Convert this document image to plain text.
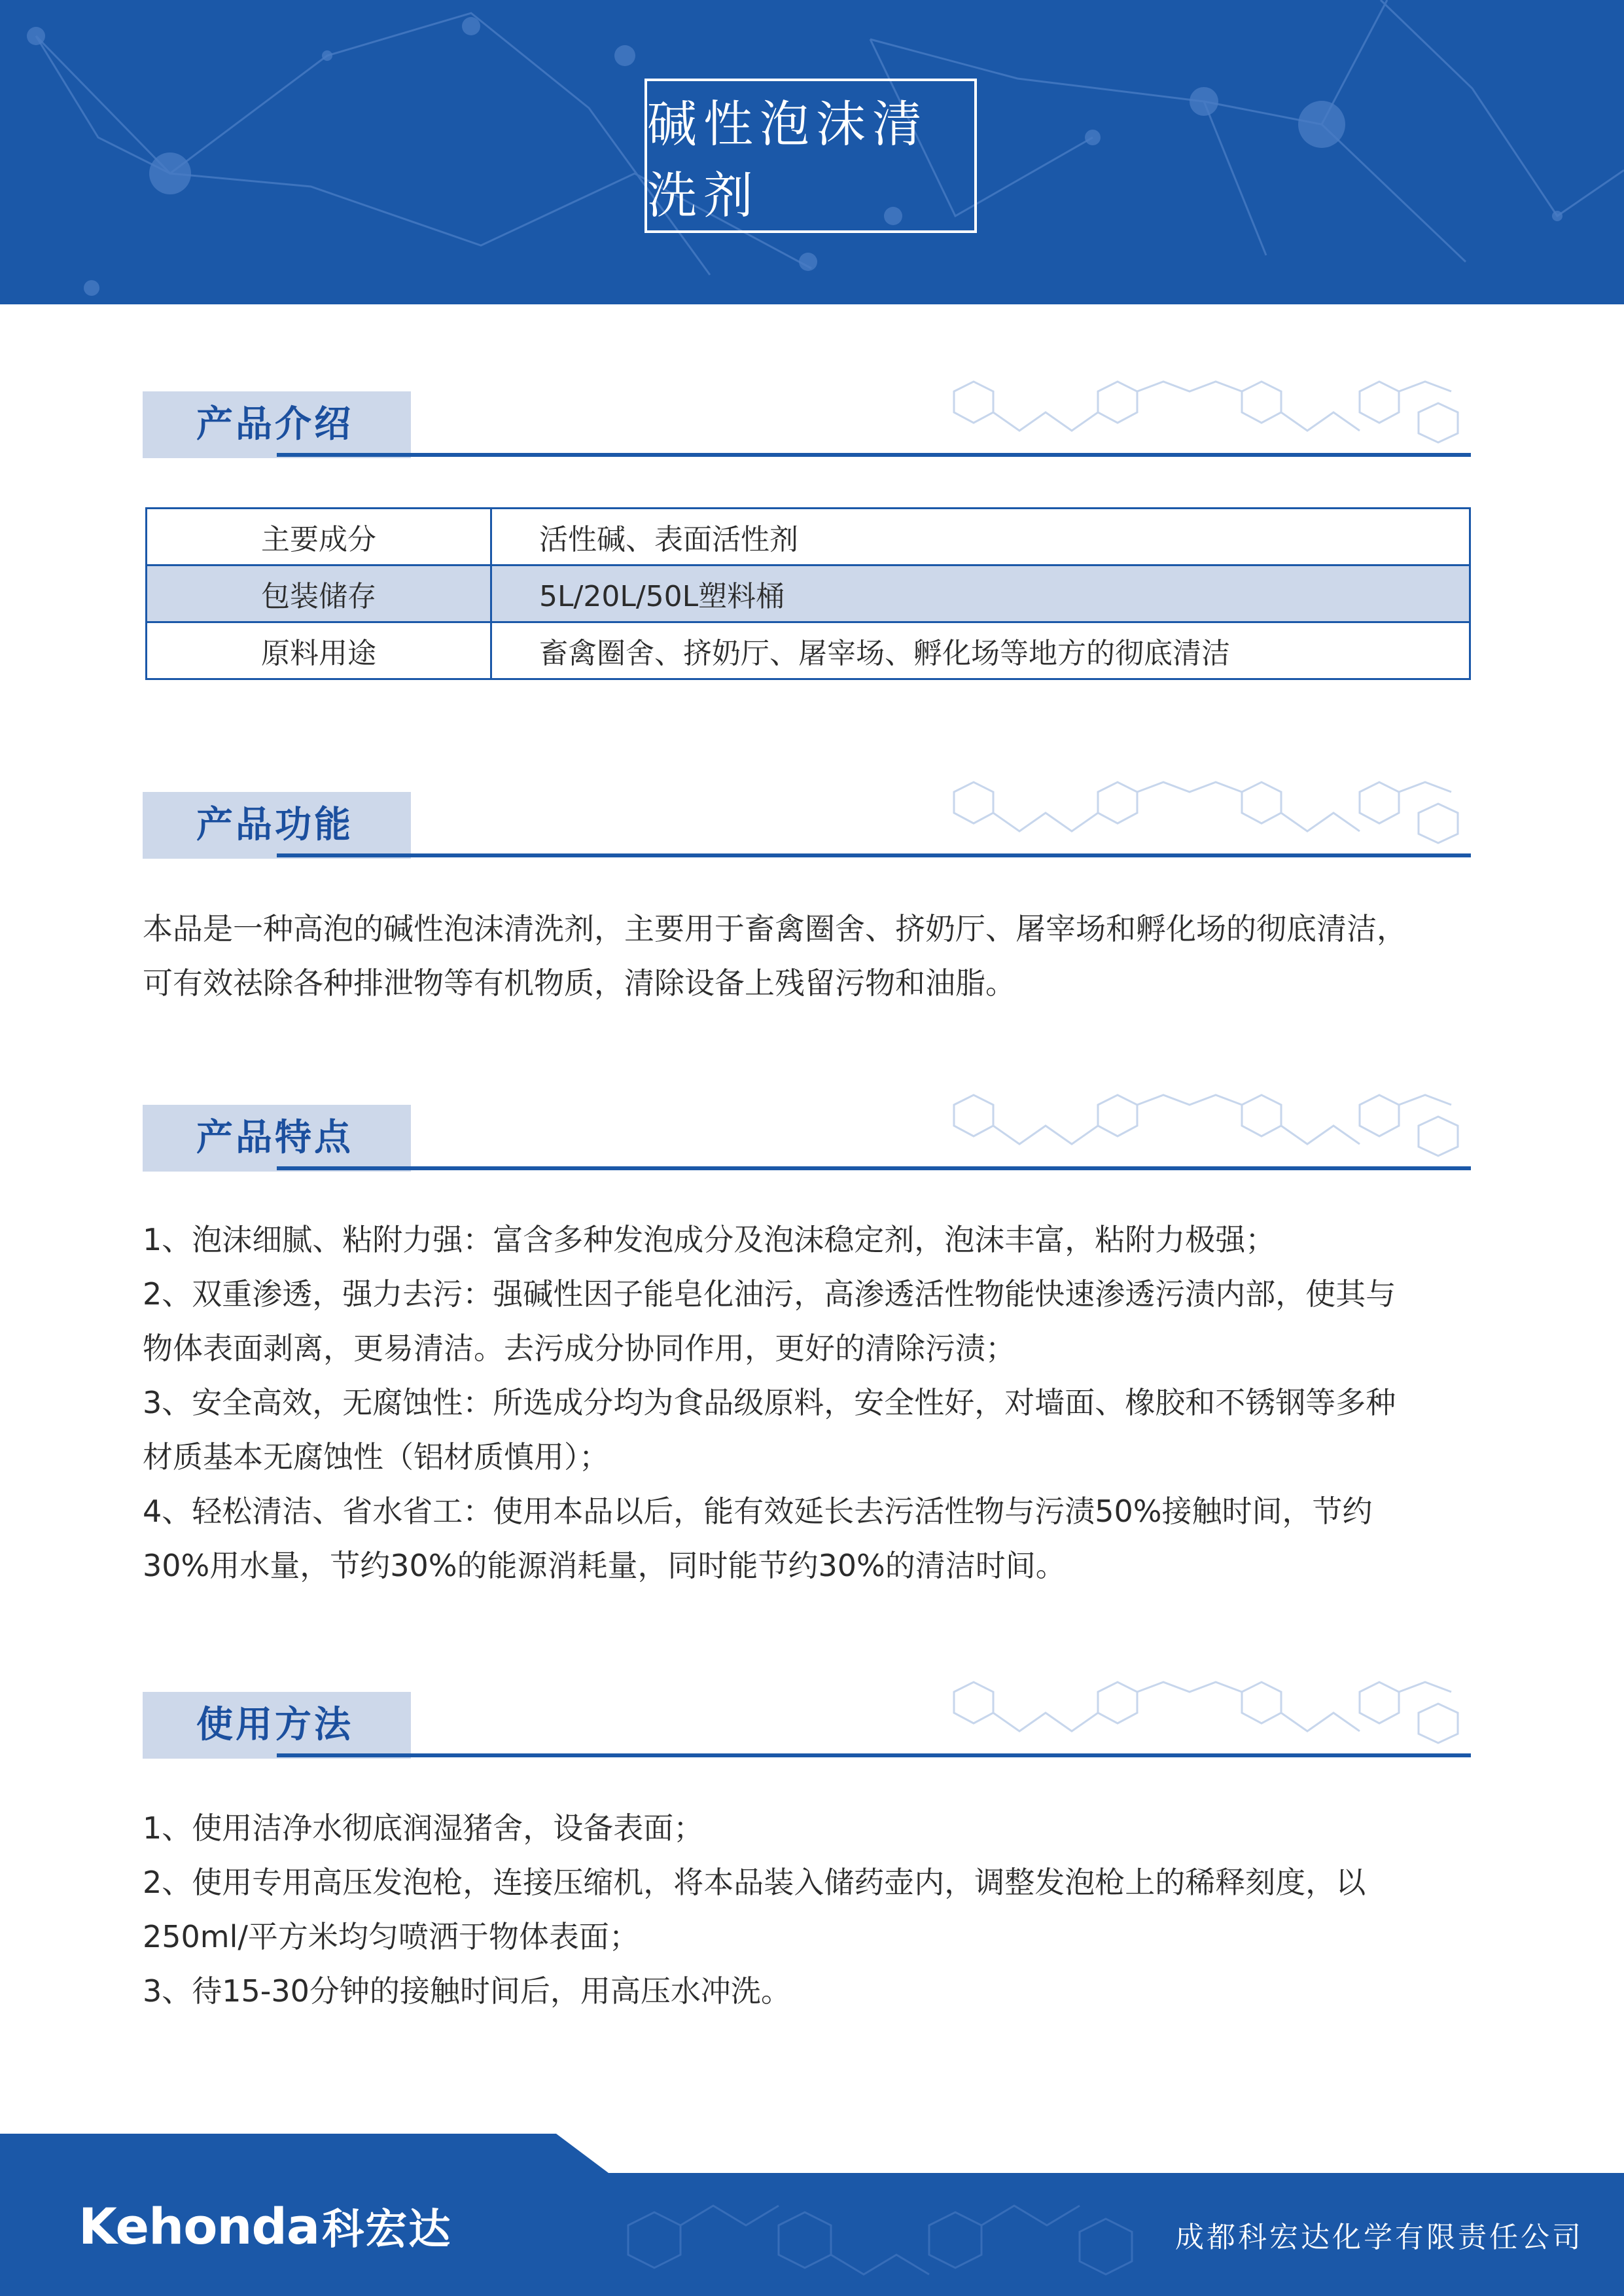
碱性泡沫清洗剂
产品介绍
主要成分	活性碱、表面活性剂
包装储存	5L/20L/50L塑料桶
原料用途	畜禽圈舍、挤奶厅、屠宰场、孵化场等地方的彻底清洁
产品功能

本品是一种高泡的碱性泡沫清洗剂，主要用于畜禽圈舍、挤奶厅、屠宰场和孵化场的彻底清洁，

可有效祛除各种排泄物等有机物质，清除设备上残留污物和油脂。

产品特点

1、泡沫细腻、粘附力强：富含多种发泡成分及泡沫稳定剂，泡沫丰富，粘附力极强；

2、双重渗透，强力去污：强碱性因子能皂化油污，高渗透活性物能快速渗透污渍内部，使其与

物体表面剥离，更易清洁。去污成分协同作用，更好的清除污渍；

3、安全高效，无腐蚀性：所选成分均为食品级原料，安全性好，对墙面、橡胶和不锈钢等多种

材质基本无腐蚀性（铝材质慎用）；

4、轻松清洁、省水省工：使用本品以后，能有效延长去污活性物与污渍50%接触时间，节约

30%用水量，节约30%的能源消耗量，同时能节约30%的清洁时间。

使用方法

1、使用洁净水彻底润湿猪舍，设备表面；

2、使用专用高压发泡枪，连接压缩机，将本品装入储药壶内，调整发泡枪上的稀释刻度，以

250ml/平方米均匀喷洒于物体表面；

3、待15-30分钟的接触时间后，用高压水冲洗。

Kehonda科宏达	成都科宏达化学有限责任公司
